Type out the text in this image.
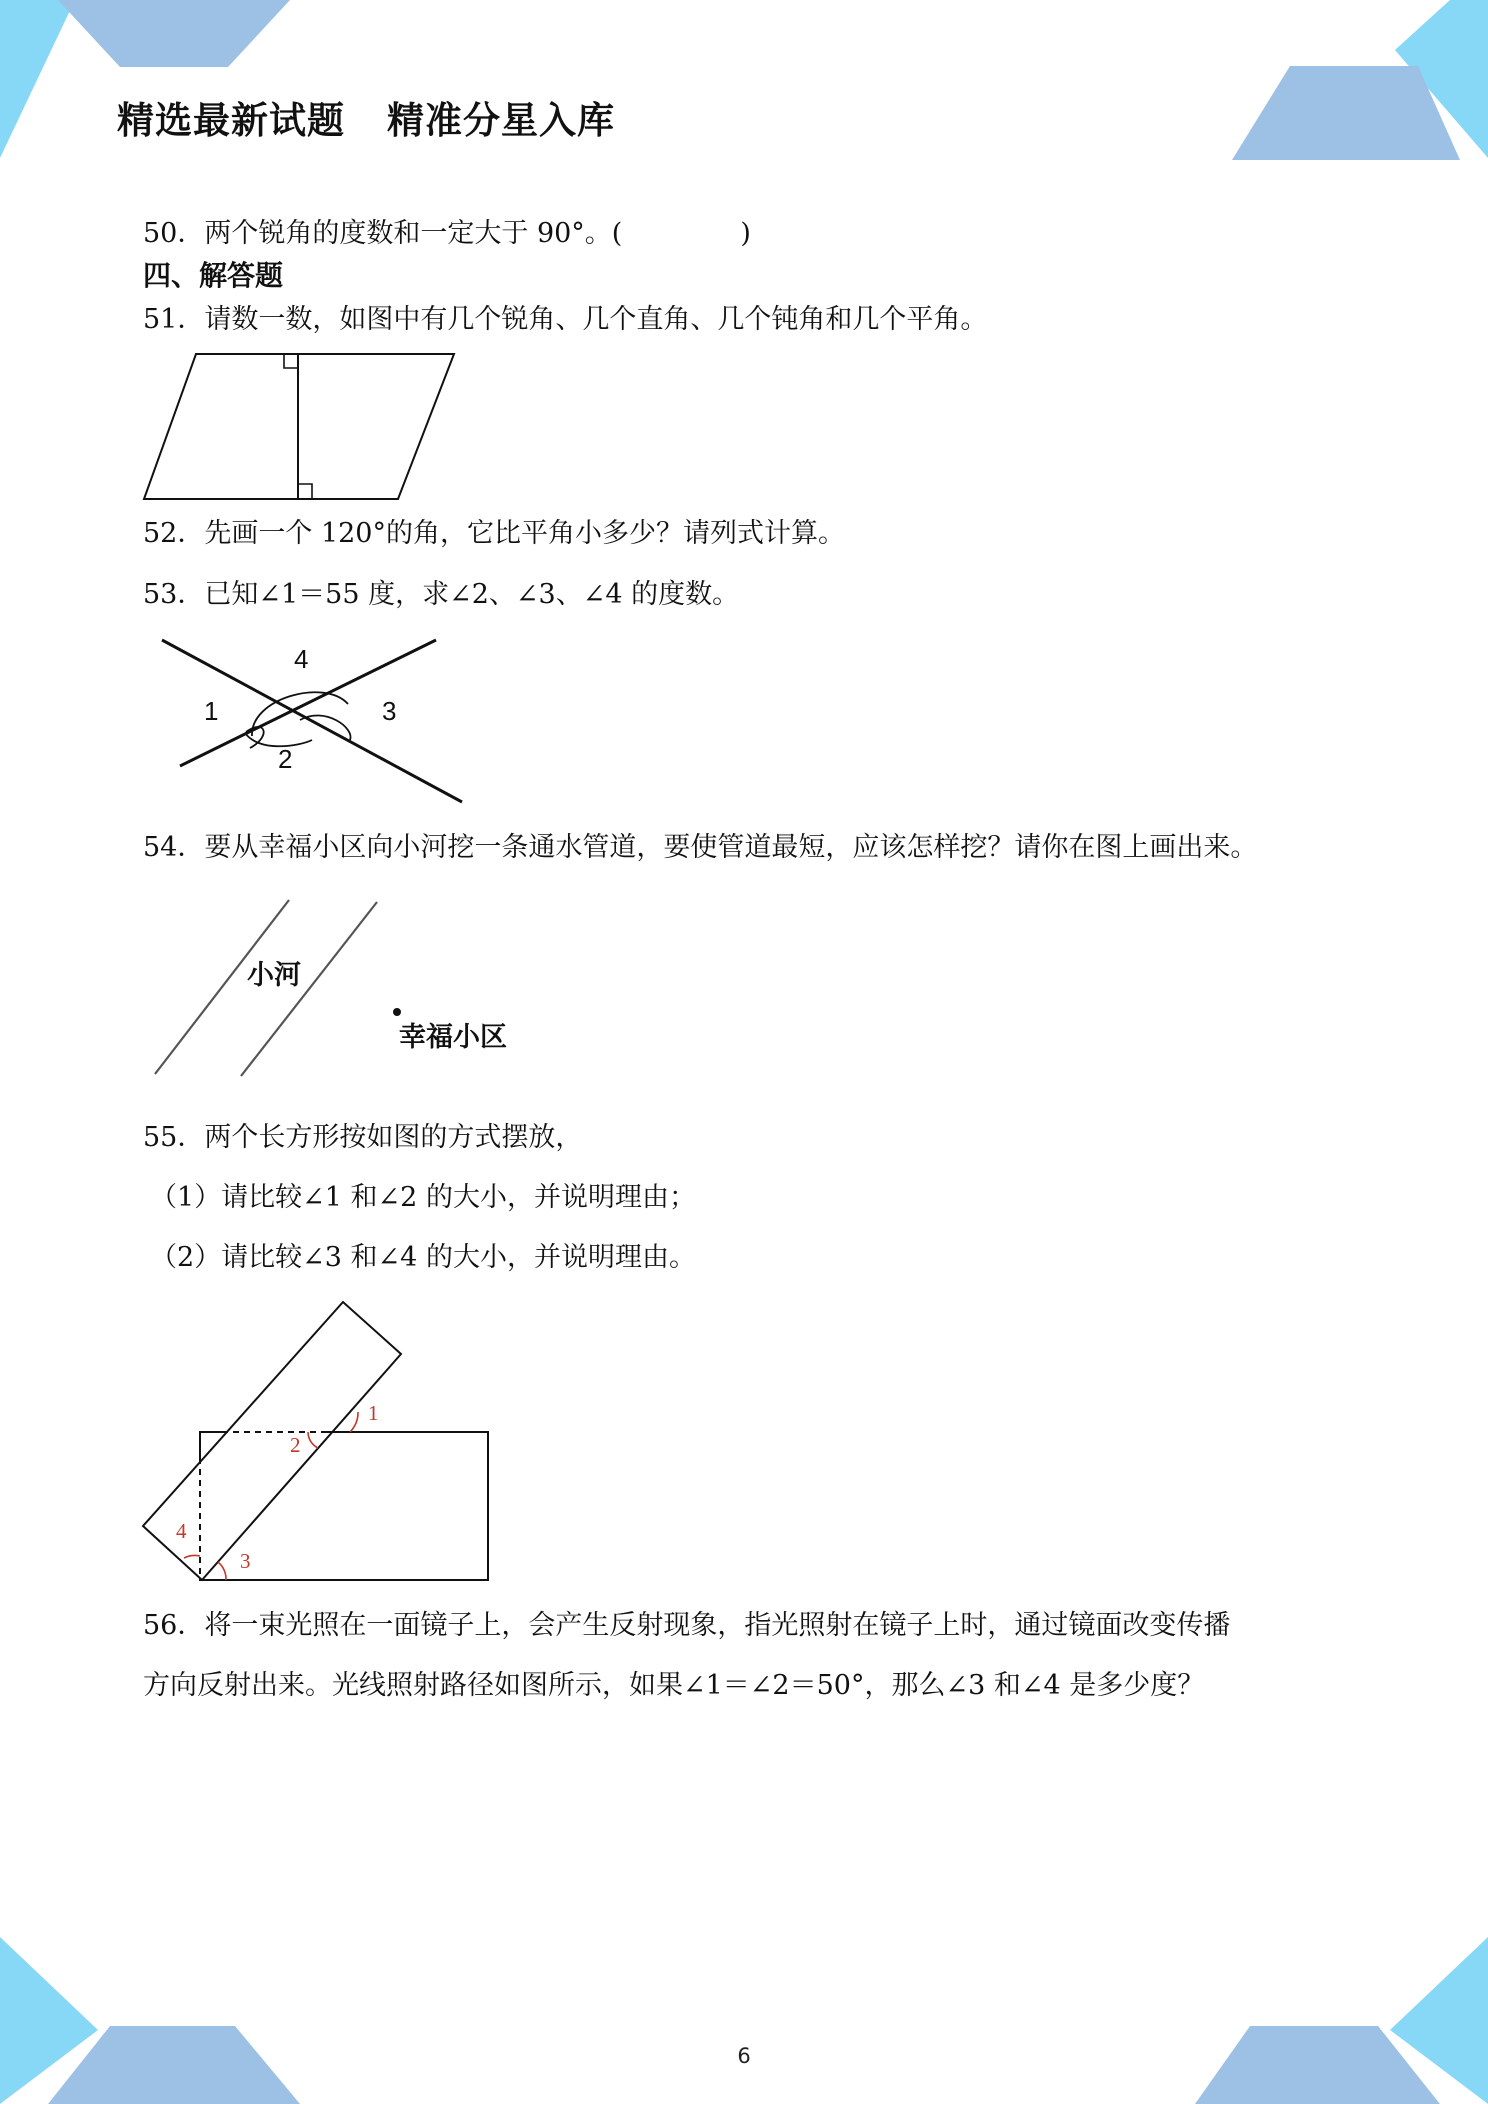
精选最新试题 精准分星入库
50．两个锐角的度数和一定大于 90°。(	)
四、解答题
51．请数一数，如图中有几个锐角、几个直角、几个钝角和几个平角。
52．先画一个 120°的角，它比平角小多少？请列式计算。
53．已知∠1＝55 度，求∠2、∠3、∠4 的度数。
4
1	3
2
54．要从幸福小区向小河挖一条通水管道，要使管道最短，应该怎样挖？请你在图上画出来。
小河
幸福小区
55．两个长方形按如图的方式摆放，
（1）请比较∠1 和∠2 的大小，并说明理由；
（2）请比较∠3 和∠4 的大小，并说明理由。
1
2
4
3
56．将一束光照在一面镜子上，会产生反射现象，指光照射在镜子上时，通过镜面改变传播
方向反射出来。光线照射路径如图所示，如果∠1＝∠2＝50°，那么∠3 和∠4 是多少度？
6
